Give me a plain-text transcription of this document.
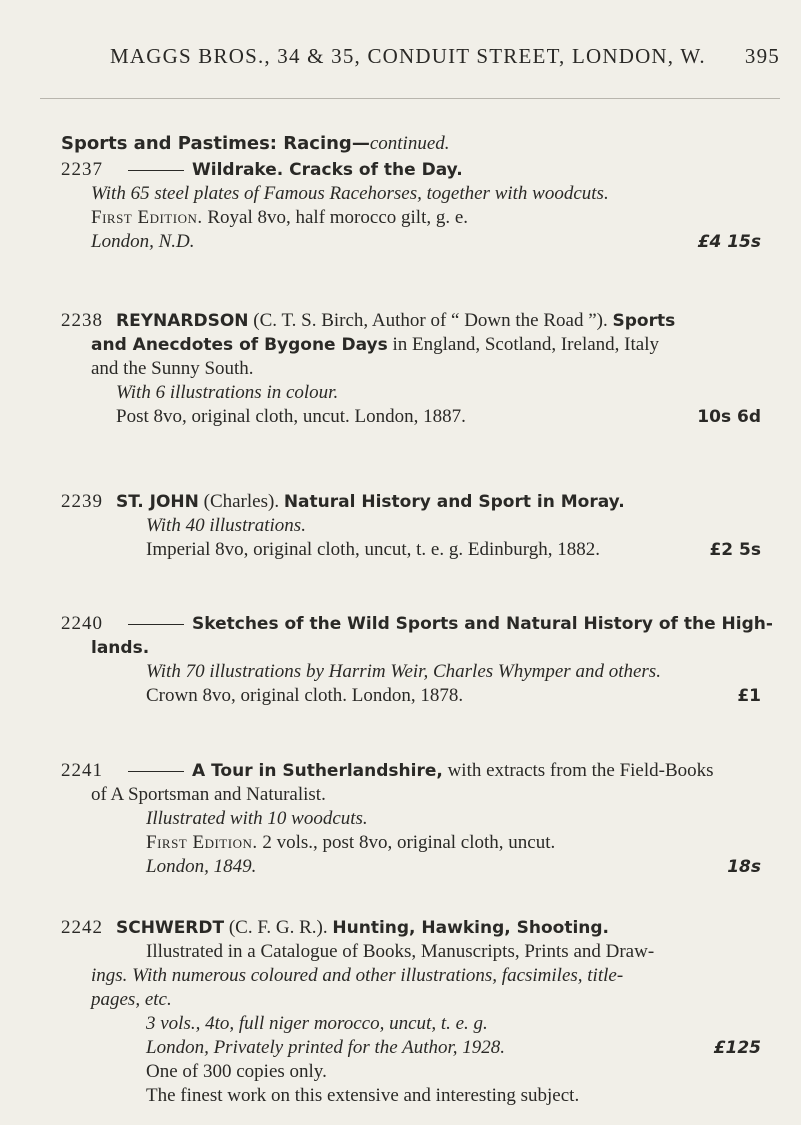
MAGGS BROS., 34 & 35, CONDUIT STREET, LONDON, W. 395
Sports and Pastimes: Racing—continued.
2237	Wildrake. Cracks of the Day.
With 65 steel plates of Famous Racehorses, together with woodcuts.
First Edition. Royal 8vo, half morocco gilt, g. e.
London, N.D.	£4 15s
2238 REYNARDSON (C. T. S. Birch, Author of “ Down the Road ”). Sports
and Anecdotes of Bygone Days in England, Scotland, Ireland, Italy
and the Sunny South.
With 6 illustrations in colour.
Post 8vo, original cloth, uncut. London, 1887.	10s 6d
2239 ST. JOHN (Charles). Natural History and Sport in Moray.
With 40 illustrations.
Imperial 8vo, original cloth, uncut, t. e. g. Edinburgh, 1882.	£2 5s
2240	Sketches of the Wild Sports and Natural History of the High-
lands.
With 70 illustrations by Harrim Weir, Charles Whymper and others.
Crown 8vo, original cloth. London, 1878.	£1
2241	A Tour in Sutherlandshire, with extracts from the Field-Books
of A Sportsman and Naturalist.
Illustrated with 10 woodcuts.
First Edition. 2 vols., post 8vo, original cloth, uncut.
London, 1849.	18s
2242 SCHWERDT (C. F. G. R.). Hunting, Hawking, Shooting.
Illustrated in a Catalogue of Books, Manuscripts, Prints and Draw-
ings. With numerous coloured and other illustrations, facsimiles, title-
pages, etc.
3 vols., 4to, full niger morocco, uncut, t. e. g.
London, Privately printed for the Author, 1928.	£125
One of 300 copies only.
The finest work on this extensive and interesting subject.
